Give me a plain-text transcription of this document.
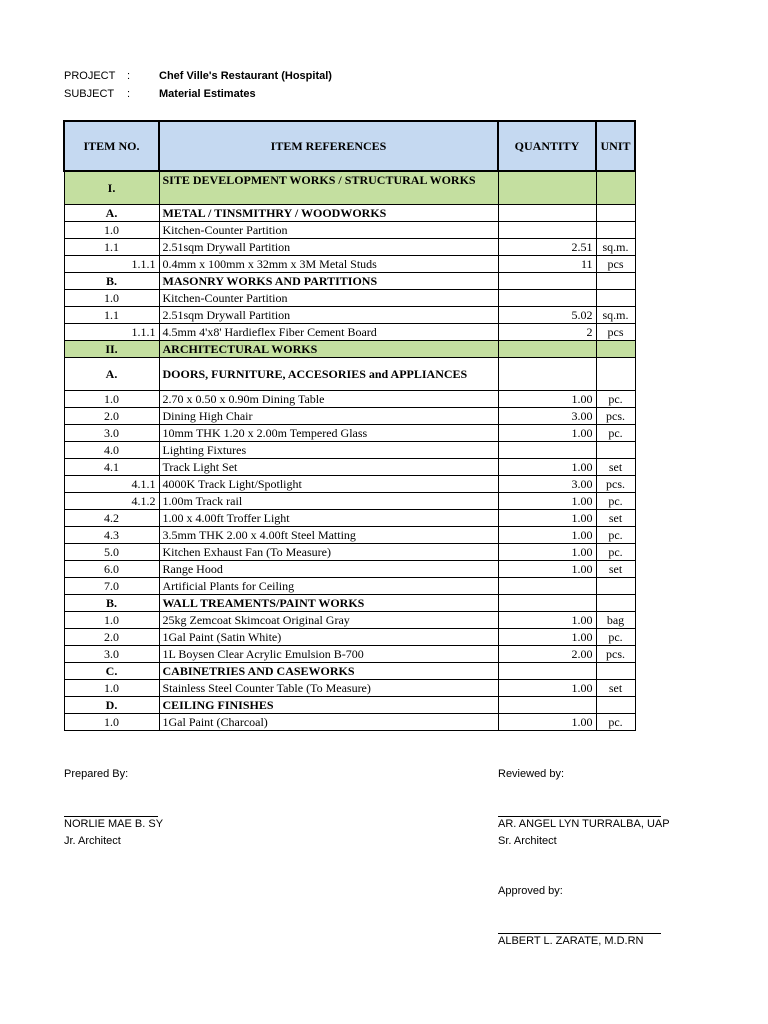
PROJECT :	Chef Ville's Restaurant (Hospital)
SUBJECT :	Material Estimates
ITEM NO.	ITEM REFERENCES	QUANTITY	UNIT
I.	SITE DEVELOPMENT WORKS / STRUCTURAL WORKS		
A.	METAL / TINSMITHRY / WOODWORKS		
1.0	Kitchen-Counter Partition		
1.1	2.51sqm Drywall Partition	2.51	sq.m.
1.1.1	0.4mm x 100mm x 32mm x 3M Metal Studs	11	pcs
B.	MASONRY WORKS AND PARTITIONS		
1.0	Kitchen-Counter Partition		
1.1	2.51sqm Drywall Partition	5.02	sq.m.
1.1.1	4.5mm 4'x8' Hardieflex Fiber Cement Board	2	pcs
II.	ARCHITECTURAL WORKS		
A.	DOORS, FURNITURE, ACCESORIES and APPLIANCES		
1.0	2.70 x 0.50 x 0.90m Dining Table	1.00	pc.
2.0	Dining High Chair	3.00	pcs.
3.0	10mm THK 1.20 x 2.00m Tempered Glass	1.00	pc.
4.0	Lighting Fixtures		
4.1	Track Light Set	1.00	set
4.1.1	4000K Track Light/Spotlight	3.00	pcs.
4.1.2	1.00m Track rail	1.00	pc.
4.2	1.00 x 4.00ft Troffer Light	1.00	set
4.3	3.5mm THK 2.00 x 4.00ft Steel Matting	1.00	pc.
5.0	Kitchen Exhaust Fan (To Measure)	1.00	pc.
6.0	Range Hood	1.00	set
7.0	Artificial Plants for Ceiling		
B.	WALL TREAMENTS/PAINT WORKS		
1.0	25kg Zemcoat Skimcoat Original Gray	1.00	bag
2.0	1Gal Paint (Satin White)	1.00	pc.
3.0	1L Boysen Clear Acrylic Emulsion B-700	2.00	pcs.
C.	CABINETRIES AND CASEWORKS		
1.0	Stainless Steel Counter Table (To Measure)	1.00	set
D.	CEILING FINISHES		
1.0	1Gal Paint (Charcoal)	1.00	pc.
Prepared By:
NORLIE MAE B. SY
Jr. Architect
Reviewed by:
AR. ANGEL LYN TURRALBA, UAP
Sr. Architect
Approved by:
ALBERT L. ZARATE, M.D.RN
